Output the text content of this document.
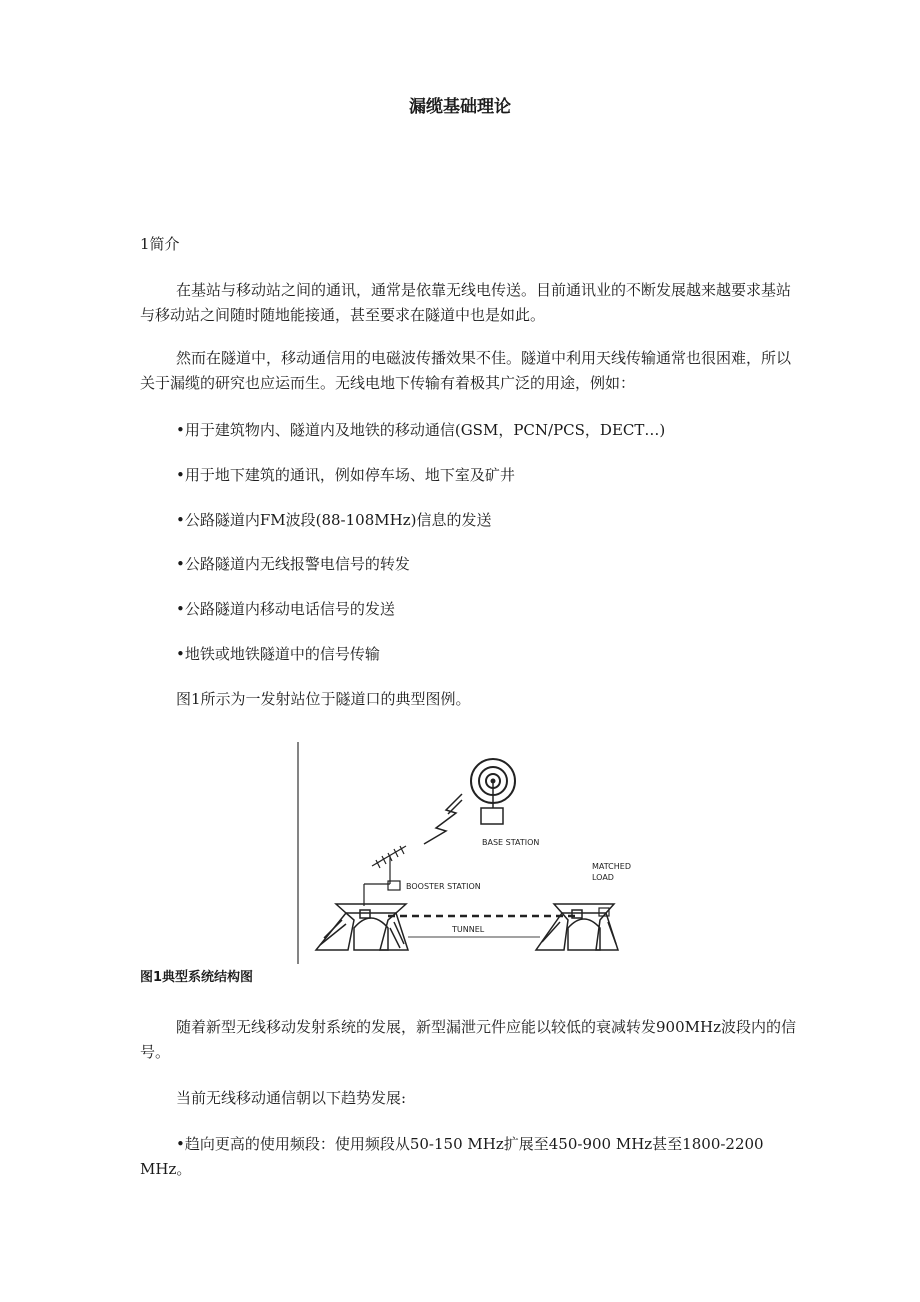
漏缆基础理论

1简介

在基站与移动站之间的通讯，通常是依靠无线电传送。目前通讯业的不断发展越来越要求基站与移动站之间随时随地能接通，甚至要求在隧道中也是如此。

然而在隧道中，移动通信用的电磁波传播效果不佳。隧道中利用天线传输通常也很困难，所以关于漏缆的研究也应运而生。无线电地下传输有着极其广泛的用途，例如：

•用于建筑物内、隧道内及地铁的移动通信(GSM，PCN/PCS，DECT…)

•用于地下建筑的通讯，例如停车场、地下室及矿井

•公路隧道内FM波段(88-108MHz)信息的发送

•公路隧道内无线报警电信号的转发

•公路隧道内移动电话信号的发送

•地铁或地铁隧道中的信号传输

图1所示为一发射站位于隧道口的典型图例。

BASE STATION
BOOSTER STATION
MATCHED
LOAD
TUNNEL

图1典型系统结构图

随着新型无线移动发射系统的发展，新型漏泄元件应能以较低的衰减转发900MHz波段内的信号。

当前无线移动通信朝以下趋势发展:

•趋向更高的使用频段：使用频段从50-150 MHz扩展至450-900 MHz甚至1800-2200 MHz。
